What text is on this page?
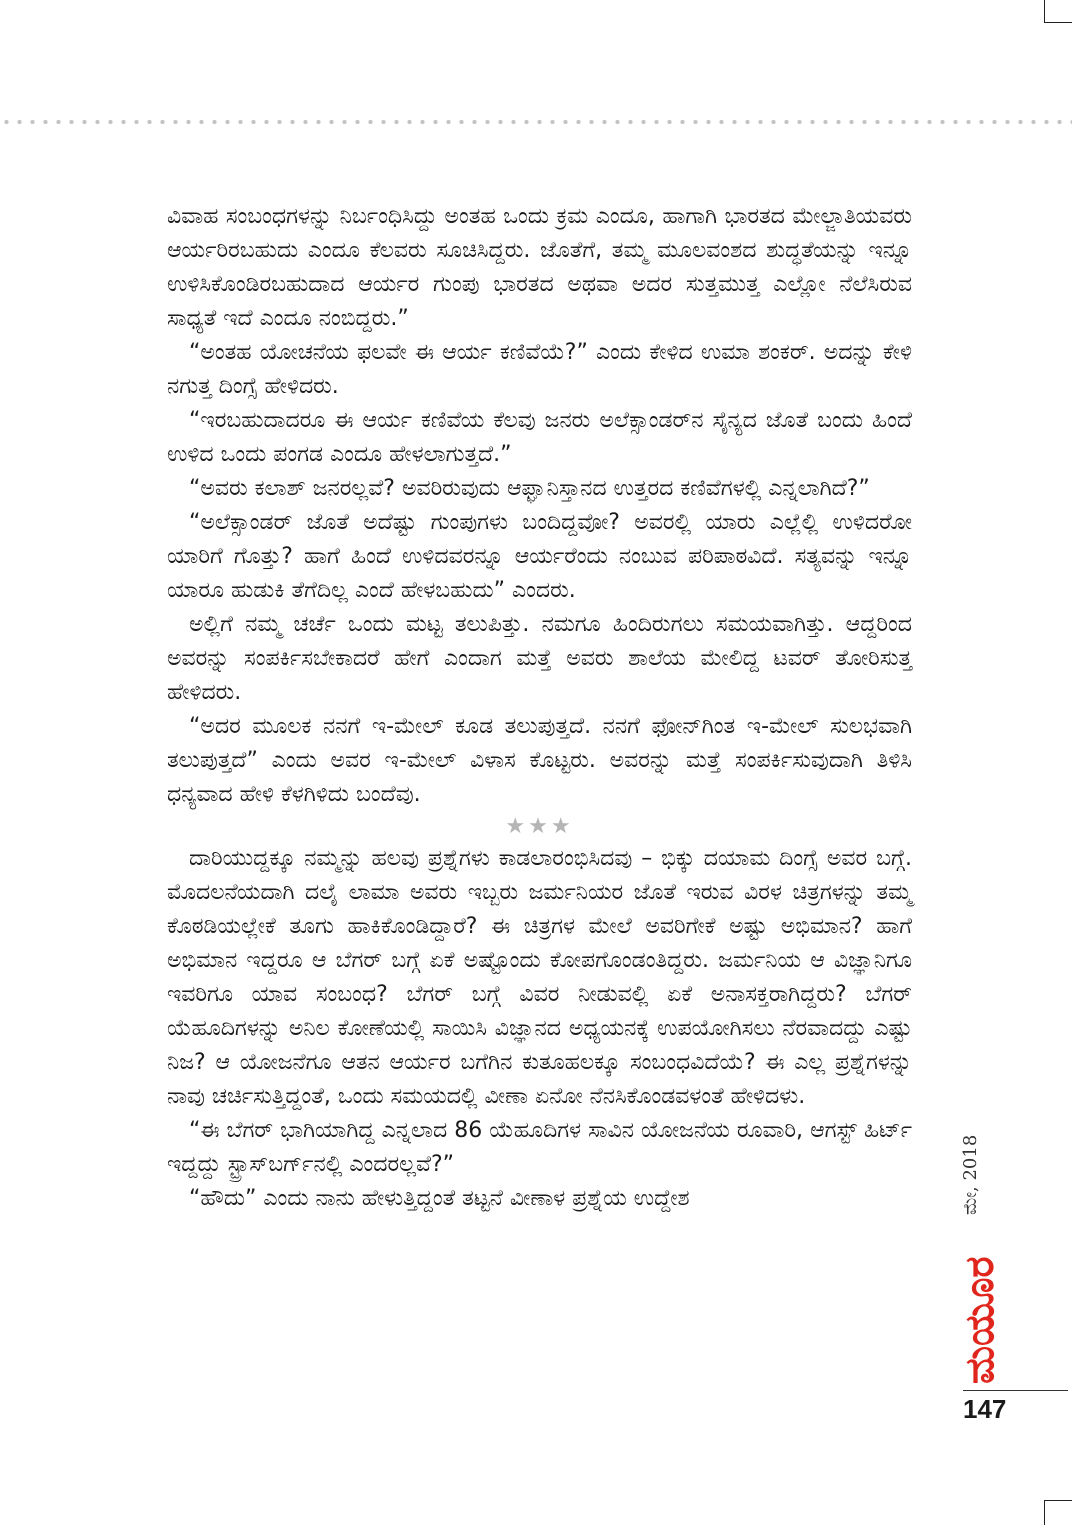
ವಿವಾಹ ಸಂಬಂಧಗಳನ್ನು ನಿರ್ಬಂಧಿಸಿದ್ದು ಅಂತಹ ಒಂದು ಕ್ರಮ ಎಂದೂ, ಹಾಗಾಗಿ ಭಾರತದ ಮೇಲ್ಜಾತಿಯವರು ಆರ್ಯರಿರಬಹುದು ಎಂದೂ ಕೆಲವರು ಸೂಚಿಸಿದ್ದರು. ಜೊತೆಗೆ, ತಮ್ಮ ಮೂಲವಂಶದ ಶುದ್ಧತೆಯನ್ನು ಇನ್ನೂ ಉಳಿಸಿಕೊಂಡಿರಬಹುದಾದ ಆರ್ಯರ ಗುಂಪು ಭಾರತದ ಅಥವಾ ಅದರ ಸುತ್ತಮುತ್ತ ಎಲ್ಲೋ ನೆಲೆಸಿರುವ ಸಾಧ್ಯತೆ ಇದೆ ಎಂದೂ ನಂಬಿದ್ದರು.”

“ಅಂತಹ ಯೋಚನೆಯ ಫಲವೇ ಈ ಆರ್ಯ ಕಣಿವೆಯೆ?” ಎಂದು ಕೇಳಿದ ಉಮಾ ಶಂಕರ್. ಅದನ್ನು ಕೇಳಿ ನಗುತ್ತ ದಿಂಗ್ಸೆ ಹೇಳಿದರು.

“ಇರಬಹುದಾದರೂ ಈ ಆರ್ಯ ಕಣಿವೆಯ ಕೆಲವು ಜನರು ಅಲೆಕ್ಸಾಂಡರ್‌ನ ಸೈನ್ಯದ ಜೊತೆ ಬಂದು ಹಿಂದೆ ಉಳಿದ ಒಂದು ಪಂಗಡ ಎಂದೂ ಹೇಳಲಾಗುತ್ತದೆ.”

“ಅವರು ಕಲಾಶ್ ಜನರಲ್ಲವೆ? ಅವರಿರುವುದು ಆಫ್ಘಾನಿಸ್ತಾನದ ಉತ್ತರದ ಕಣಿವೆಗಳಲ್ಲಿ ಎನ್ನಲಾಗಿದೆ?”

“ಅಲೆಕ್ಸಾಂಡರ್ ಜೊತೆ ಅದೆಷ್ಟು ಗುಂಪುಗಳು ಬಂದಿದ್ದವೋ? ಅವರಲ್ಲಿ ಯಾರು ಎಲ್ಲೆಲ್ಲಿ ಉಳಿದರೋ ಯಾರಿಗೆ ಗೊತ್ತು? ಹಾಗೆ ಹಿಂದೆ ಉಳಿದವರನ್ನೂ ಆರ್ಯರೆಂದು ನಂಬುವ ಪರಿಪಾಠವಿದೆ. ಸತ್ಯವನ್ನು ಇನ್ನೂ ಯಾರೂ ಹುಡುಕಿ ತೆಗೆದಿಲ್ಲ ಎಂದೆ ಹೇಳಬಹುದು” ಎಂದರು.

ಅಲ್ಲಿಗೆ ನಮ್ಮ ಚರ್ಚೆ ಒಂದು ಮಟ್ಟ ತಲುಪಿತ್ತು. ನಮಗೂ ಹಿಂದಿರುಗಲು ಸಮಯವಾಗಿತ್ತು. ಆದ್ದರಿಂದ ಅವರನ್ನು ಸಂಪರ್ಕಿಸಬೇಕಾದರೆ ಹೇಗೆ ಎಂದಾಗ ಮತ್ತೆ ಅವರು ಶಾಲೆಯ ಮೇಲಿದ್ದ ಟವರ್ ತೋರಿಸುತ್ತ ಹೇಳಿದರು.

“ಅದರ ಮೂಲಕ ನನಗೆ ಇ-ಮೇಲ್ ಕೂಡ ತಲುಪುತ್ತದೆ. ನನಗೆ ಫೋನ್‌ಗಿಂತ ಇ-ಮೇಲ್ ಸುಲಭವಾಗಿ ತಲುಪುತ್ತದೆ” ಎಂದು ಅವರ ಇ-ಮೇಲ್ ವಿಳಾಸ ಕೊಟ್ಟರು. ಅವರನ್ನು ಮತ್ತೆ ಸಂಪರ್ಕಿಸುವುದಾಗಿ ತಿಳಿಸಿ ಧನ್ಯವಾದ ಹೇಳಿ ಕೆಳಗಿಳಿದು ಬಂದೆವು.

★★★

ದಾರಿಯುದ್ದಕ್ಕೂ ನಮ್ಮನ್ನು ಹಲವು ಪ್ರಶ್ನೆಗಳು ಕಾಡಲಾರಂಭಿಸಿದವು – ಭಿಕ್ಕು ದಯಾಮ ದಿಂಗ್ಸೆ ಅವರ ಬಗ್ಗೆ. ಮೊದಲನೆಯದಾಗಿ ದಲೈ ಲಾಮಾ ಅವರು ಇಬ್ಬರು ಜರ್ಮನಿಯರ ಜೊತೆ ಇರುವ ವಿರಳ ಚಿತ್ರಗಳನ್ನು ತಮ್ಮ ಕೊಠಡಿಯಲ್ಲೇಕೆ ತೂಗು ಹಾಕಿಕೊಂಡಿದ್ದಾರೆ? ಈ ಚಿತ್ರಗಳ ಮೇಲೆ ಅವರಿಗೇಕೆ ಅಷ್ಟು ಅಭಿಮಾನ? ಹಾಗೆ ಅಭಿಮಾನ ಇದ್ದರೂ ಆ ಬೆಗರ್ ಬಗ್ಗೆ ಏಕೆ ಅಷ್ಟೊಂದು ಕೋಪಗೊಂಡಂತಿದ್ದರು. ಜರ್ಮನಿಯ ಆ ವಿಜ್ಞಾನಿಗೂ ಇವರಿಗೂ ಯಾವ ಸಂಬಂಧ? ಬೆಗರ್ ಬಗ್ಗೆ ವಿವರ ನೀಡುವಲ್ಲಿ ಏಕೆ ಅನಾಸಕ್ತರಾಗಿದ್ದರು? ಬೆಗರ್ ಯೆಹೂದಿಗಳನ್ನು ಅನಿಲ ಕೋಣೆಯಲ್ಲಿ ಸಾಯಿಸಿ ವಿಜ್ಞಾನದ ಅಧ್ಯಯನಕ್ಕೆ ಉಪಯೋಗಿಸಲು ನೆರವಾದದ್ದು ಎಷ್ಟು ನಿಜ? ಆ ಯೋಜನೆಗೂ ಆತನ ಆರ್ಯರ ಬಗೆಗಿನ ಕುತೂಹಲಕ್ಕೂ ಸಂಬಂಧವಿದೆಯೆ? ಈ ಎಲ್ಲ ಪ್ರಶ್ನೆಗಳನ್ನು ನಾವು ಚರ್ಚಿಸುತ್ತಿದ್ದಂತೆ, ಒಂದು ಸಮಯದಲ್ಲಿ ವೀಣಾ ಏನೋ ನೆನಸಿಕೊಂಡವಳಂತೆ ಹೇಳಿದಳು.

“ಈ ಬೆಗರ್ ಭಾಗಿಯಾಗಿದ್ದ ಎನ್ನಲಾದ 86 ಯೆಹೂದಿಗಳ ಸಾವಿನ ಯೋಜನೆಯ ರೂವಾರಿ, ಆಗಸ್ಟ್ ಹಿರ್ಟ್ ಇದ್ದದ್ದು ಸ್ಟ್ರಾಸ್‌ಬರ್ಗ್‌ನಲ್ಲಿ ಎಂದರಲ್ಲವೆ?”

“ಹೌದು” ಎಂದು ನಾನು ಹೇಳುತ್ತಿದ್ದಂತೆ ತಟ್ಟನೆ ವೀಣಾಳ ಪ್ರಶ್ನೆಯ ಉದ್ದೇಶ	ಮೇ, 2018
ಮಯೂರ
147
